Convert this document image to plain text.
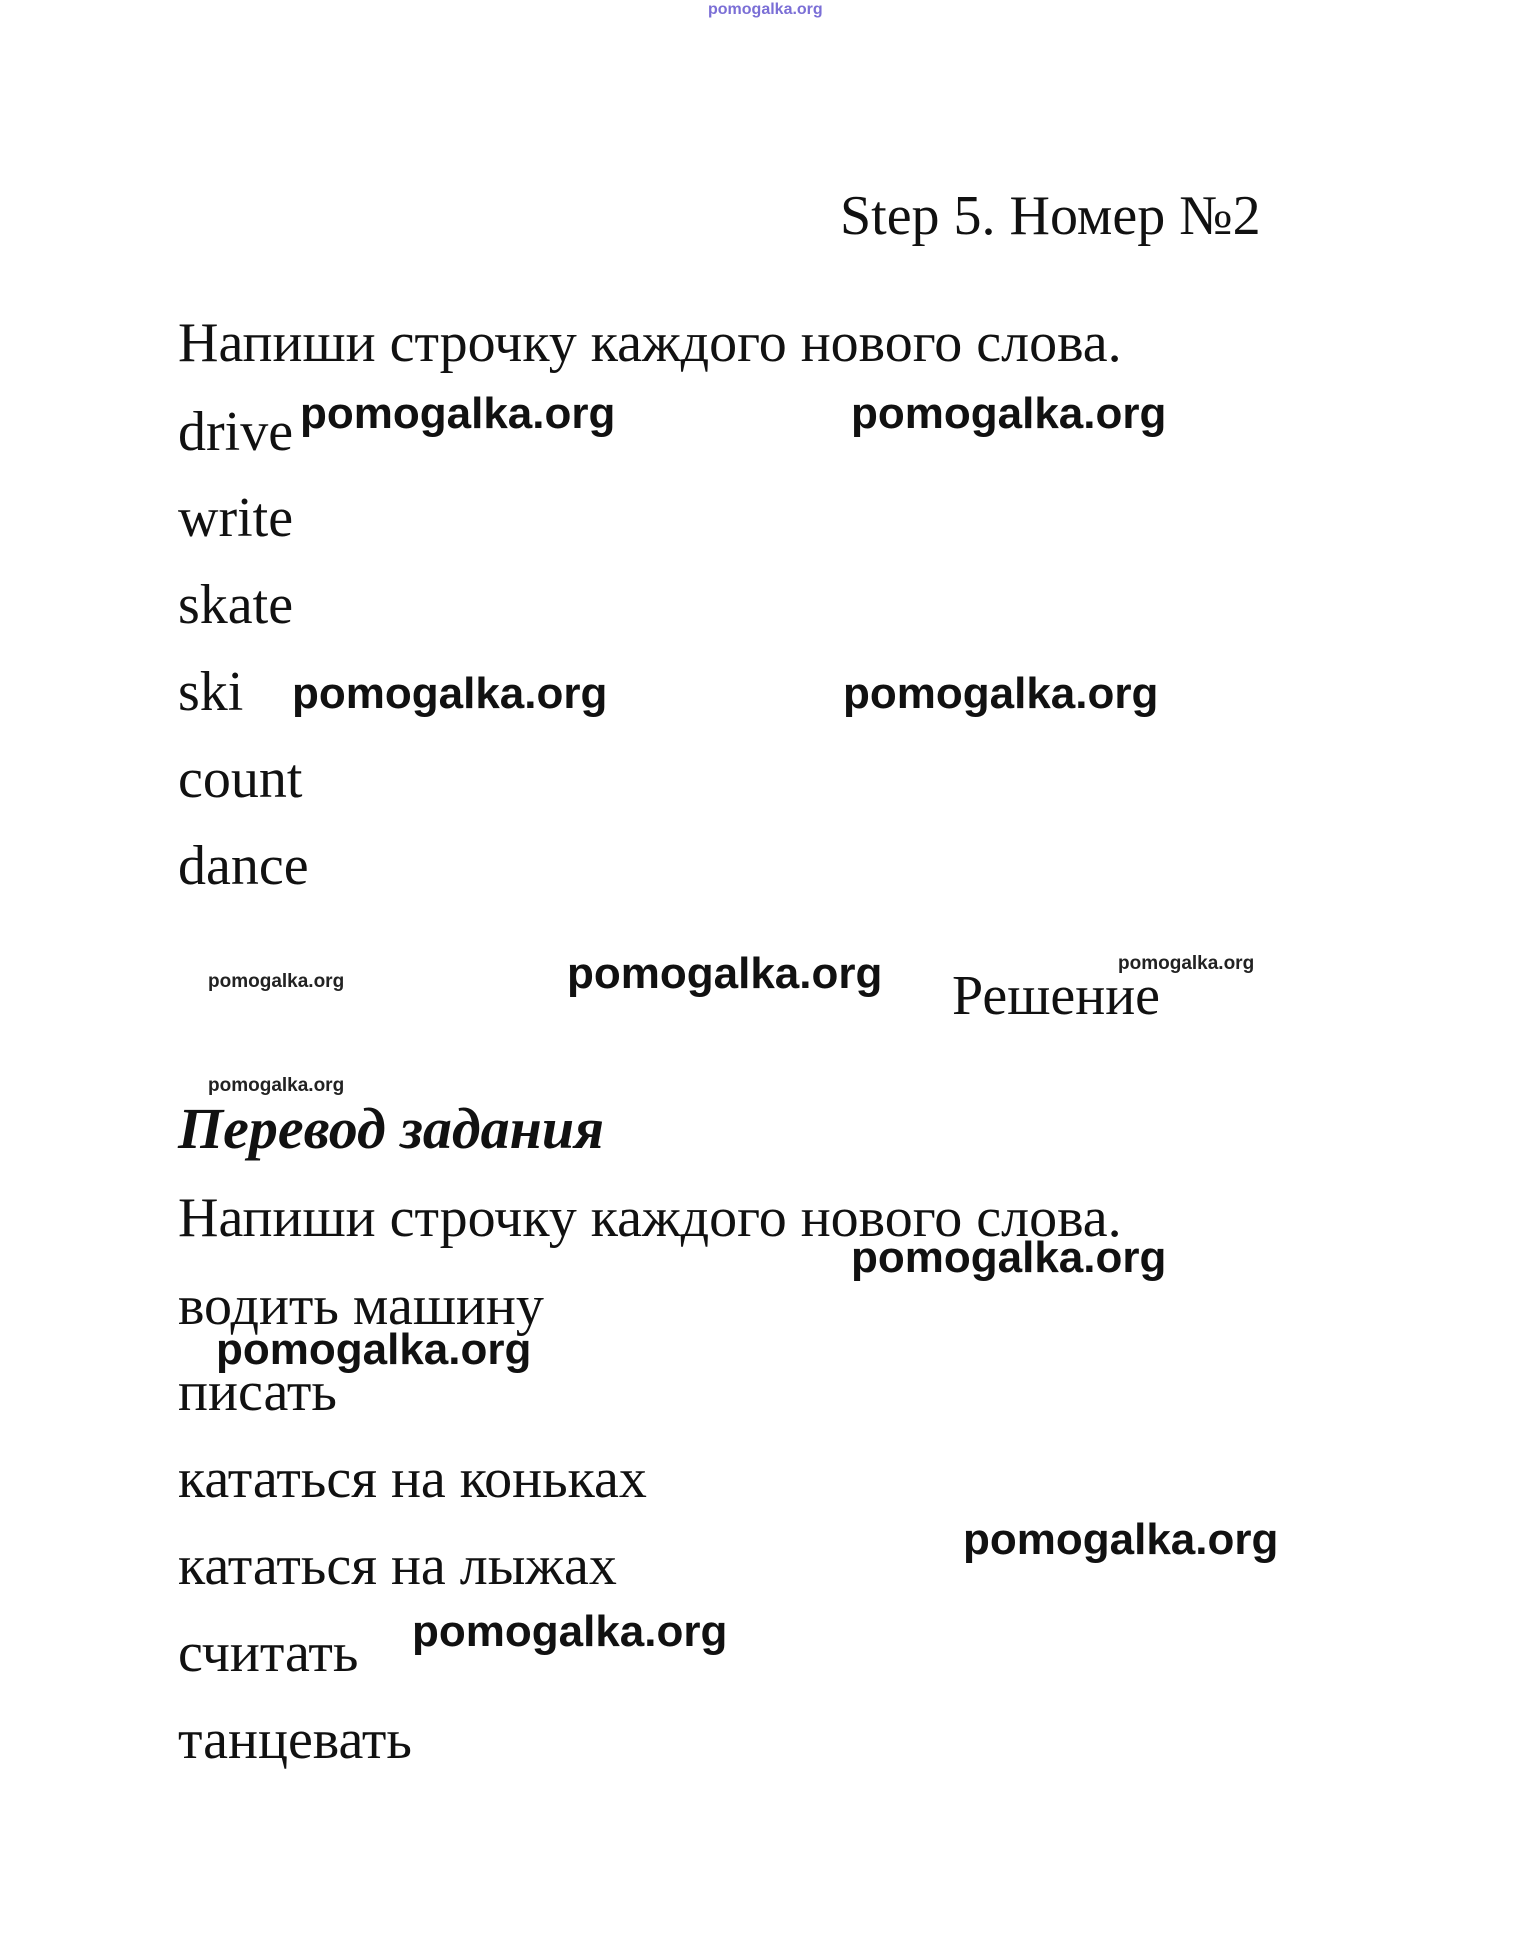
pomogalka.org
Step 5. Номер №2
Напиши строчку каждого нового слова.
drive
write
skate
ski
count
dance
Решение
Перевод задания
Напиши строчку каждого нового слова.
водить машину
писать
кататься на коньках
кататься на лыжах
считать
танцевать
pomogalka.org	pomogalka.org
pomogalka.org	pomogalka.org
pomogalka.org	pomogalka.org	pomogalka.org
pomogalka.org
pomogalka.org
pomogalka.org
pomogalka.org
pomogalka.org
